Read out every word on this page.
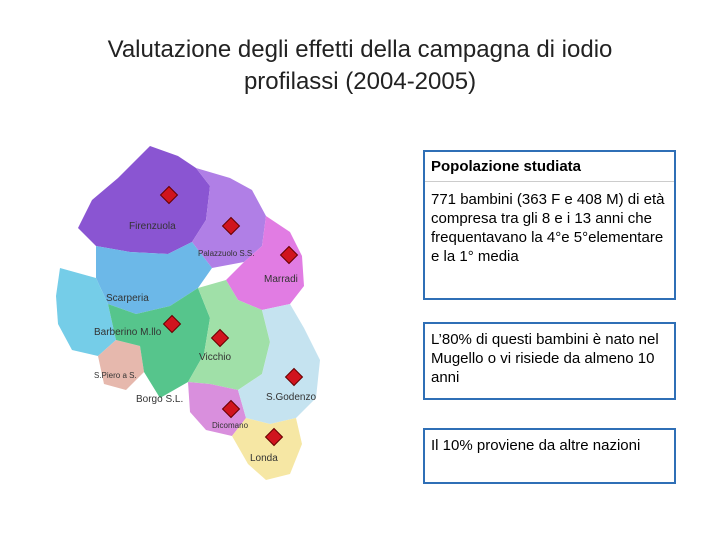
Valutazione degli effetti della campagna di iodio
profilassi (2004-2005)
Firenzuola
Palazzuolo S.S.
Marradi
Scarperia
Barberino M.llo
S.Piero a S.
Borgo S.L.
Vicchio
Dicomano
S.Godenzo
Londa
Popolazione studiata
771 bambini (363 F e 408 M) di età compresa tra gli 8 e i 13 anni che frequentavano la 4°e 5°elementare e la 1° media
L’80% di questi bambini è nato nel Mugello o vi risiede da almeno 10 anni
Il 10% proviene da altre nazioni
